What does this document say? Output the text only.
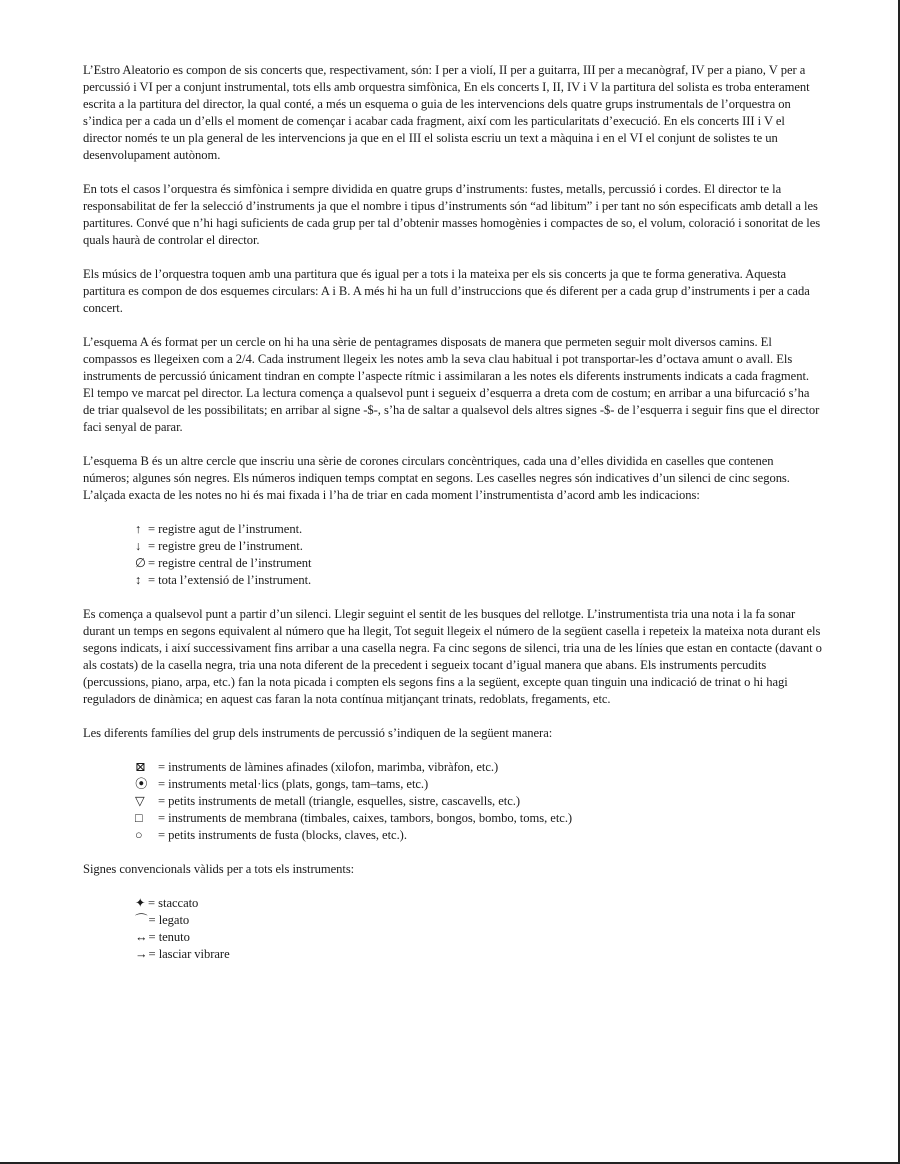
L’Estro Aleatorio es compon de sis concerts que, respectivament, són: I per a violí, II per a guitarra, III per a mecanògraf, IV per a piano, V per a percussió i VI per a conjunt instrumental, tots ells amb orquestra simfònica, En els concerts I, II, IV i V la partitura del solista es troba enterament escrita a la partitura del director, la qual conté, a més un esquema o guia de les intervencions dels quatre grups instrumentals de l’orquestra on s’indica per a cada un d’ells el moment de començar i acabar cada fragment, així com les particularitats d’execució. En els concerts III i V el director només te un pla general de les intervencions ja que en el III el solista escriu un text a màquina i en el VI el conjunt de solistes te un desenvolupament autònom.

En tots el casos l’orquestra és simfònica i sempre dividida en quatre grups d’instruments: fustes, metalls, percussió i cordes. El director te la responsabilitat de fer la selecció d’instruments ja que el nombre i tipus d’instruments són “ad libitum” i per tant no són especificats amb detall a les partitures. Convé que n’hi hagi suficients de cada grup per tal d’obtenir masses homogènies i compactes de so, el volum, coloració i sonoritat de les quals haurà de controlar el director.

Els músics de l’orquestra toquen amb una partitura que és igual per a tots i la mateixa per els sis concerts ja que te forma generativa. Aquesta partitura es compon de dos esquemes circulars: A i B. A més hi ha un full d’instruccions que és diferent per a cada grup d’instruments i per a cada concert.

L’esquema A és format per un cercle on hi ha una sèrie de pentagrames disposats de manera que permeten seguir molt diversos camins. El compassos es llegeixen com a 2/4. Cada instrument llegeix les notes amb la seva clau habitual i pot transportar-les d’octava amunt o avall. Els instruments de percussió únicament tindran en compte l’aspecte rítmic i assimilaran a les notes els diferents instruments indicats a cada fragment. El tempo ve marcat pel director. La lectura comença a qualsevol punt i segueix d’esquerra a dreta com de costum; en arribar a una bifurcació s’ha de triar qualsevol de les possibilitats; en arribar al signe -$-, s’ha de saltar a qualsevol dels altres signes -$- de l’esquerra i seguir fins que el director faci senyal de parar.

L’esquema B és un altre cercle que inscriu una sèrie de corones circulars concèntriques, cada una d’elles dividida en caselles que contenen números; algunes són negres. Els números indiquen temps comptat en segons. Les caselles negres són indicatives d’un silenci de cinc segons. L’alçada exacta de les notes no hi és mai fixada i l’ha de triar en cada moment l’instrumentista d’acord amb les indicacions:

↑ = registre agut de l’instrument.
↓ = registre greu de l’instrument.
∅ = registre central de l’instrument
↕ = tota l’extensió de l’instrument.

Es comença a qualsevol punt a partir d’un silenci. Llegir seguint el sentit de les busques del rellotge. L’instrumentista tria una nota i la fa sonar durant un temps en segons equivalent al número que ha llegit, Tot seguit llegeix el número de la següent casella i repeteix la mateixa nota durant els segons indicats, i així successivament fins arribar a una casella negra. Fa cinc segons de silenci, tria una de les línies que estan en contacte (davant o als costats) de la casella negra, tria una nota diferent de la precedent i segueix tocant d’igual manera que abans. Els instruments percudits (percussions, piano, arpa, etc.) fan la nota picada i compten els segons fins a la següent, excepte quan tinguin una indicació de trinat o hi hagi reguladors de dinàmica; en aquest cas faran la nota contínua mitjançant trinats, redoblats, fregaments, etc.

Les diferents famílies del grup dels instruments de percussió s’indiquen de la següent manera:

⊠ = instruments de làmines afinades (xilofon, marimba, vibràfon, etc.)
⦿ = instruments metal·lics (plats, gongs, tam–tams, etc.)
▽	= petits instruments de metall (triangle, esquelles, sistre, cascavells, etc.)
□	= instruments de membrana (timbales, caixes, tambors, bongos, bombo, toms, etc.)
○	= petits instruments de fusta (blocks, claves, etc.).

Signes convencionals vàlids per a tots els instruments:

✦ = staccato
⌒ = legato
↔ = tenuto
→ = lasciar vibrare
